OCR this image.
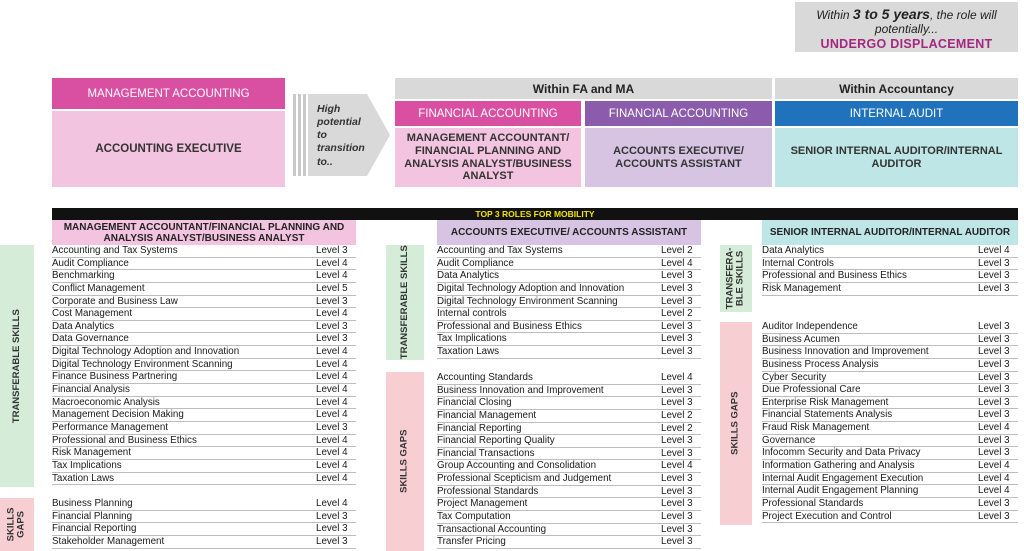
Within 3 to 5 years, the role will
potentially...
UNDERGO DISPLACEMENT
MANAGEMENT ACCOUNTING
ACCOUNTING EXECUTIVE
High
potential
to
transition
to..
Within FA and MA	Within Accountancy
FINANCIAL ACCOUNTING	FINANCIAL ACCOUNTING	INTERNAL AUDIT
MANAGEMENT ACCOUNTANT/ FINANCIAL PLANNING AND ANALYSIS ANALYST/BUSINESS ANALYST
ACCOUNTS EXECUTIVE/ ACCOUNTS ASSISTANT
SENIOR INTERNAL AUDITOR/INTERNAL AUDITOR
TOP 3 ROLES FOR MOBILITY
MANAGEMENT ACCOUNTANT/FINANCIAL PLANNING AND ANALYSIS ANALYST/BUSINESS ANALYST	ACCOUNTS EXECUTIVE/ ACCOUNTS ASSISTANT	SENIOR INTERNAL AUDITOR/INTERNAL AUDITOR
TRANSFERABLE SKILLS
SKILLS
GAPS
TRANSFERABLE SKILLS
SKILLS GAPS
TRANSFERA-
BLE SKILLS
SKILLS GAPS
Accounting and Tax Systems	Level 3
Audit Compliance	Level 4
Benchmarking	Level 4
Conflict Management	Level 5
Corporate and Business Law	Level 3
Cost Management	Level 4
Data Analytics	Level 3
Data Governance	Level 3
Digital Technology Adoption and Innovation	Level 4
Digital Technology Environment Scanning	Level 4
Finance Business Partnering	Level 4
Financial Analysis	Level 4
Macroeconomic Analysis	Level 4
Management Decision Making	Level 4
Performance Management	Level 3
Professional and Business Ethics	Level 4
Risk Management	Level 4
Tax Implications	Level 4
Taxation Laws	Level 4
Business Planning	Level 4
Financial Planning	Level 3
Financial Reporting	Level 3
Stakeholder Management	Level 3
Accounting and Tax Systems	Level 2
Audit Compliance	Level 4
Data Analytics	Level 3
Digital Technology Adoption and Innovation	Level 3
Digital Technology Environment Scanning	Level 3
Internal controls	Level 2
Professional and Business Ethics	Level 3
Tax Implications	Level 3
Taxation Laws	Level 3
Accounting Standards	Level 4
Business Innovation and Improvement	Level 3
Financial Closing	Level 3
Financial Management	Level 2
Financial Reporting	Level 2
Financial Reporting Quality	Level 3
Financial Transactions	Level 3
Group Accounting and Consolidation	Level 4
Professional Scepticism and Judgement	Level 3
Professional Standards	Level 3
Project Management	Level 3
Tax Computation	Level 3
Transactional Accounting	Level 3
Transfer Pricing	Level 3
Data Analytics	Level 4
Internal Controls	Level 3
Professional and Business Ethics	Level 3
Risk Management	Level 3
Auditor Independence	Level 3
Business Acumen	Level 3
Business Innovation and Improvement	Level 3
Business Process Analysis	Level 3
Cyber Security	Level 3
Due Professional Care	Level 3
Enterprise Risk Management	Level 3
Financial Statements Analysis	Level 3
Fraud Risk Management	Level 4
Governance	Level 3
Infocomm Security and Data Privacy	Level 3
Information Gathering and Analysis	Level 4
Internal Audit Engagement Execution	Level 4
Internal Audit Engagement Planning	Level 4
Professional Standards	Level 3
Project Execution and Control	Level 3
